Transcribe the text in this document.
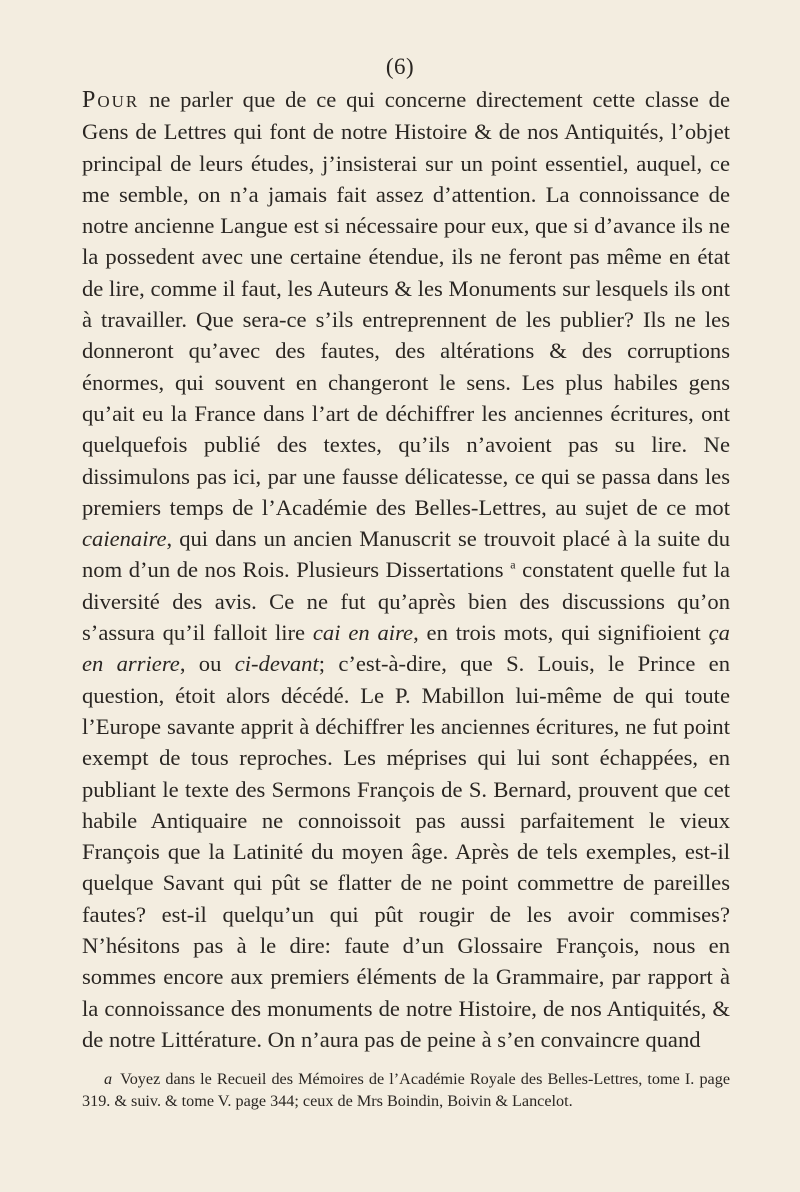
(6)

Pour ne parler que de ce qui concerne directement cette classe de Gens de Lettres qui font de notre Histoire & de nos Antiquités, l’objet principal de leurs études, j’insisterai sur un point essentiel, auquel, ce me semble, on n’a jamais fait assez d’attention. La connoissance de notre ancienne Langue est si nécessaire pour eux, que si d’avance ils ne la possedent avec une certaine étendue, ils ne feront pas même en état de lire, comme il faut, les Auteurs & les Monuments sur lesquels ils ont à travailler. Que sera-ce s’ils entreprennent de les publier? Ils ne les donneront qu’avec des fautes, des altérations & des corruptions énormes, qui souvent en changeront le sens. Les plus habiles gens qu’ait eu la France dans l’art de déchiffrer les anciennes écritures, ont quelquefois publié des textes, qu’ils n’avoient pas su lire. Ne dissimulons pas ici, par une fausse délicatesse, ce qui se passa dans les premiers temps de l’Académie des Belles-Lettres, au sujet de ce mot caienaire, qui dans un ancien Manuscrit se trouvoit placé à la suite du nom d’un de nos Rois. Plusieurs Dissertations $^a$ constatent quelle fut la diversité des avis. Ce ne fut qu’après bien des discussions qu’on s’assura qu’il falloit lire cai en aire, en trois mots, qui signifioient ça en arriere, ou ci-devant; c’est-à-dire, que S. Louis, le Prince en question, étoit alors décédé. Le P. Mabillon lui-même de qui toute l’Europe savante apprit à déchiffrer les anciennes écritures, ne fut point exempt de tous reproches. Les méprises qui lui sont échappées, en publiant le texte des Sermons François de S. Bernard, prouvent que cet habile Antiquaire ne connoissoit pas aussi parfaitement le vieux François que la Latinité du moyen âge. Après de tels exemples, est-il quelque Savant qui pût se flatter de ne point commettre de pareilles fautes? est-il quelqu’un qui pût rougir de les avoir commises? N’hésitons pas à le dire: faute d’un Glossaire François, nous en sommes encore aux premiers éléments de la Grammaire, par rapport à la connoissance des monuments de notre Histoire, de nos Antiquités, & de notre Littérature. On n’aura pas de peine à s’en convaincre quand

a Voyez dans le Recueil des Mémoires de l’Académie Royale des Belles-Lettres, tome I. page 319. & suiv. & tome V. page 344; ceux de Mrs Boindin, Boivin & Lancelot.
